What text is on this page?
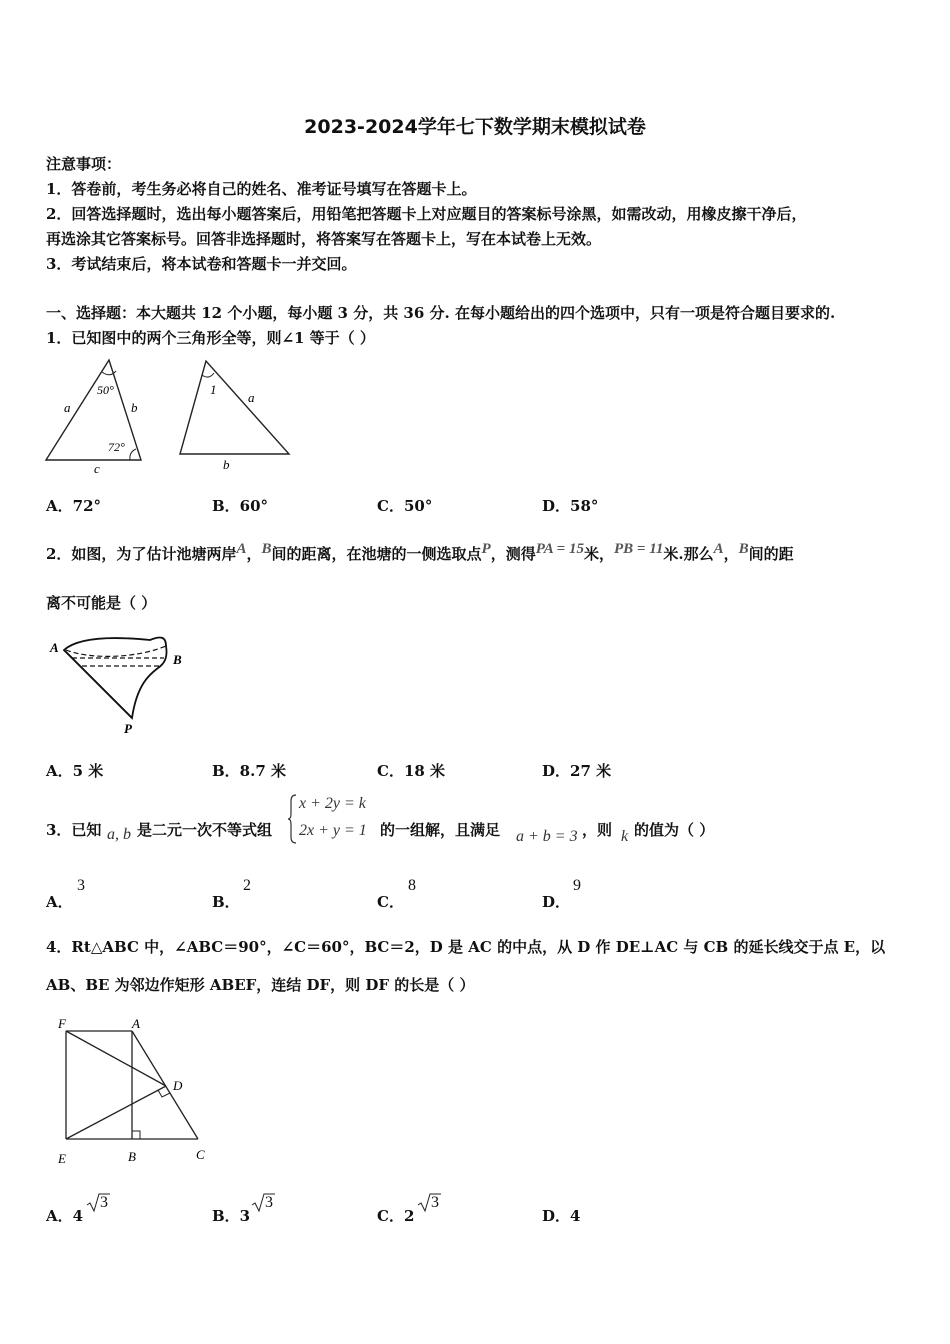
2023-2024学年七下数学期末模拟试卷
注意事项：
1．答卷前，考生务必将自己的姓名、准考证号填写在答题卡上。
2．回答选择题时，选出每小题答案后，用铅笔把答题卡上对应题目的答案标号涂黑，如需改动，用橡皮擦干净后，
再选涂其它答案标号。回答非选择题时，将答案写在答题卡上，写在本试卷上无效。
3．考试结束后，将本试卷和答题卡一并交回。
一、选择题：本大题共 12 个小题，每小题 3 分，共 36 分. 在每小题给出的四个选项中，只有一项是符合题目要求的.
1．已知图中的两个三角形全等，则∠1 等于（ ）
50°
72°
a	b
c
1
a
b
A．72°	B．60°	C．50°	D．58°
2．如图，为了估计池塘两岸$^A$，$^B$间的距离，在池塘的一侧选取点$^P$，测得$^{PA = 15}$米，$^{PB = 11}$米.那么$^A$，$^B$间的距
离不可能是（ ）
A
B
P
A．5 米	B．8.7 米	C．18 米	D．27 米
3．已知 a, b 是二元一次不等式组
x + 2y = k
2x + y = 1 的一组解，且满足 a + b = 3 ，则 k 的值为（ ）
A．
3
B．
2
C．
8
D．
9
4．Rt△ABC 中，∠ABC＝90°，∠C＝60°，BC＝2，D 是 AC 的中点，从 D 作 DE⊥AC 与 CB 的延长线交于点 E，以
AB、BE 为邻边作矩形 ABEF，连结 DF，则 DF 的长是（ ）
F	A
D
E	B	C
A．4
3
B．3
3
C．2
3
D．4
